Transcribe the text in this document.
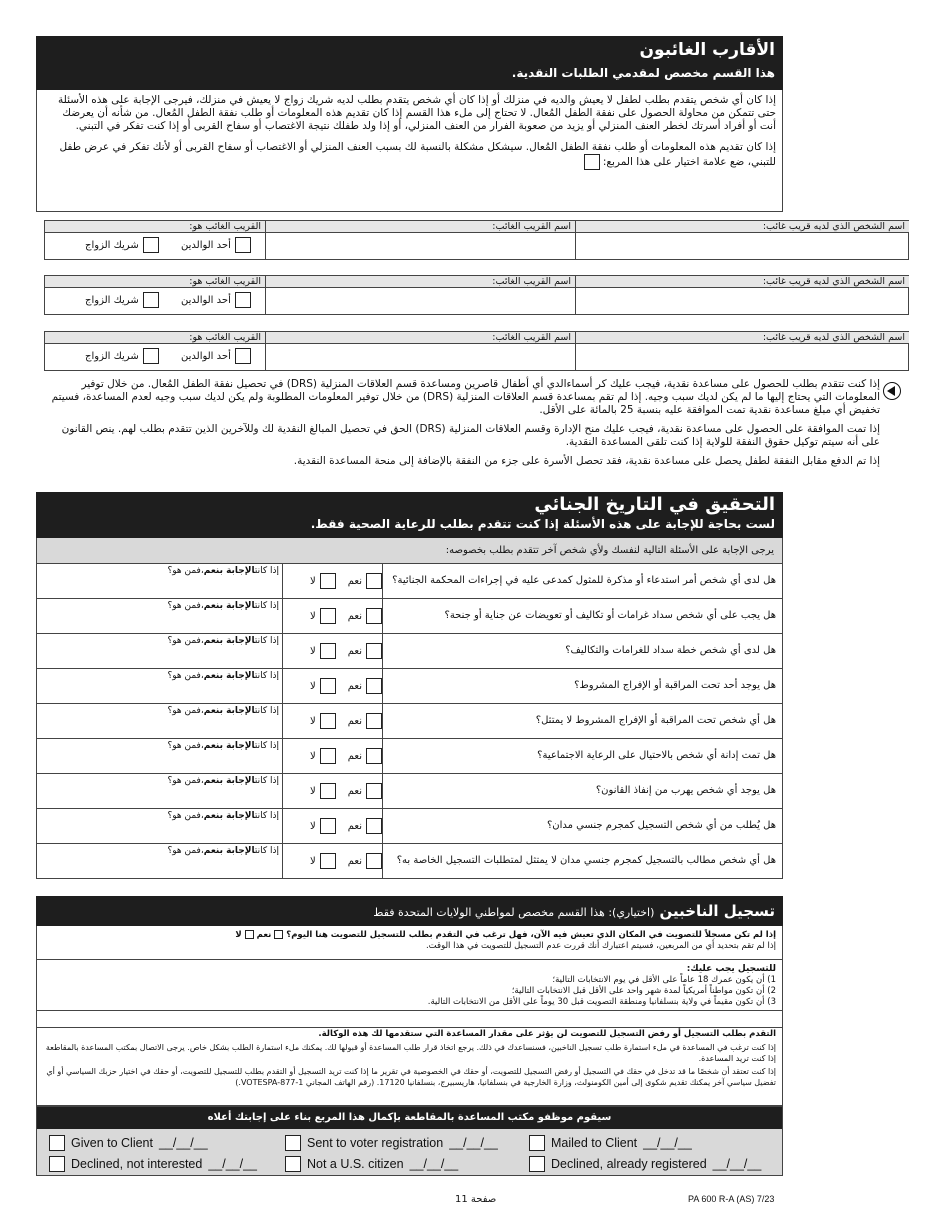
الأقارب الغائبون
هذا القسم مخصص لمقدمي الطلبات النقدية.

إذا كان أي شخص يتقدم بطلب لطفل لا يعيش والديه في منزلك أو إذا كان أي شخص يتقدم بطلب لديه شريك زواج لا يعيش في منزلك، فيرجى الإجابة على هذه الأسئلة حتى تتمكن من محاولة الحصول على نفقة الطفل المُعال. لا تحتاج إلى ملء هذا القسم إذا كان تقديم هذه المعلومات أو طلب نفقة الطفل المُعال. من شأنه أن يعرضك أنت أو أفراد أسرتك لخطر العنف المنزلي أو يزيد من صعوبة الفرار من العنف المنزلي، أو إذا ولد طفلك نتيجة الاغتصاب أو سفاح القربى أو إذا كنت تفكر في التبني.

إذا كان تقديم هذه المعلومات أو طلب نفقة الطفل المُعال. سيشكل مشكلة بالنسبة لك بسبب العنف المنزلي أو الاغتصاب أو سفاح القربى أو لأنك تفكر في عرض طفل للتبني، ضع علامة اختيار على هذا المربع:

اسم الشخص الذي لديه قريب غائب:
اسم القريب الغائب:
القريب الغائب هو:
أحد الوالدين
شريك الزواج
اسم الشخص الذي لديه قريب غائب:
اسم القريب الغائب:
القريب الغائب هو:
أحد الوالدين
شريك الزواج
اسم الشخص الذي لديه قريب غائب:
اسم القريب الغائب:
القريب الغائب هو:
أحد الوالدين
شريك الزواج

إذا كنت تتقدم بطلب للحصول على مساعدة نقدية، فيجب عليك كر أسماءالدي أي أطفال قاصرين ومساعدة قسم العلاقات المنزلية (DRS) في تحصيل نفقة الطفل المُعال. من خلال توفير المعلومات التي يحتاج إليها ما لم يكن لديك سبب وجيه. إذا لم تقم بمساعدة قسم العلاقات المنزلية (DRS) من خلال توفير المعلومات المطلوبة ولم يكن لديك سبب وجيه لعدم المساعدة، فسيتم تخفيض أي مبلغ مساعدة نقدية تمت الموافقة عليه بنسبة 25 بالمائة على الأقل.

إذا تمت الموافقة على الحصول على مساعدة نقدية، فيجب عليك منح الإدارة وقسم العلاقات المنزلية (DRS) الحق في تحصيل المبالغ النقدية لك وللآخرين الذين تتقدم بطلب لهم. ينص القانون على أنه سيتم توكيل حقوق النفقة للولاية إذا كنت تلقى المساعدة النقدية.

إذا تم الدفع مقابل النفقة لطفل يحصل على مساعدة نقدية، فقد تحصل الأسرة على جزء من النفقة بالإضافة إلى منحة المساعدة النقدية.

التحقيق في التاريخ الجنائي
لست بحاجة للإجابة على هذه الأسئلة إذا كنت تتقدم بطلب للرعاية الصحية فقط.
يرجى الإجابة على الأسئلة التالية لنفسك ولأي شخص آخر تتقدم بطلب بخصوصه:
هل لدى أي شخص أمر استدعاء أو مذكرة للمثول كمدعى عليه في إجراءات المحكمة الجنائية؟
نعم
لا
إذا كانتالإجابة بنعم،فمن هو؟
هل يجب على أي شخص سداد غرامات أو تكاليف أو تعويضات عن جناية أو جنحة؟
نعم
لا
إذا كانتالإجابة بنعم،فمن هو؟
هل لدى أي شخص خطة سداد للغرامات والتكاليف؟
نعم
لا
إذا كانتالإجابة بنعم،فمن هو؟
هل يوجد أحد تحت المراقبة أو الإفراج المشروط؟
نعم
لا
إذا كانتالإجابة بنعم،فمن هو؟
هل أي شخص تحت المراقبة أو الإفراج المشروط لا يمتثل؟
نعم
لا
إذا كانتالإجابة بنعم،فمن هو؟
هل تمت إدانة أي شخص بالاحتيال على الرعاية الاجتماعية؟
نعم
لا
إذا كانتالإجابة بنعم،فمن هو؟
هل يوجد أي شخص يهرب من إنفاذ القانون؟
نعم
لا
إذا كانتالإجابة بنعم،فمن هو؟
هل يُطلب من أي شخص التسجيل كمجرم جنسي مدان؟
نعم
لا
إذا كانتالإجابة بنعم،فمن هو؟
هل أي شخص مطالب بالتسجيل كمجرم جنسي مدان لا يمتثل لمتطلبات التسجيل الخاصة به؟
نعم
لا
إذا كانتالإجابة بنعم،فمن هو؟
تسجيل الناخبين (اختياري): هذا القسم مخصص لمواطني الولايات المتحدة فقط
إذا لم تكن مسجلاً للتصويت في المكان الذي تعيش فيه الآن، فهل ترغب في التقدم بطلب للتسجيل للتصويت هنا اليوم؟  نعم  لا
إذا لم تقم بتحديد أي من المربعين، فسيتم اعتبارك أنك قررت عدم التسجيل للتصويت في هذا الوقت.
للتسجيل يجب عليك:
1) أن يكون عمرك 18 عاماً على الأقل في يوم الانتخابات التالية؛
2) أن تكون مواطناً أمريكياً لمدة شهر واحد على الأقل قبل الانتخابات التالية؛
3) أن تكون مقيماً في ولاية بنسلفانيا ومنطقة التصويت قبل 30 يوماً على الأقل من الانتخابات التالية.

التقدم بطلب التسجيل أو رفض التسجيل للتصويت لن يؤثر على مقدار المساعدة التي ستقدمها لك هذه الوكالة.

إذا كنت ترغب في المساعدة في ملء استمارة طلب تسجيل الناخبين، فسنساعدك في ذلك. يرجع اتخاذ قرار طلب المساعدة أو قبولها لك. يمكنك ملء استمارة الطلب بشكل خاص. يرجى الاتصال بمكتب المساعدة بالمقاطعة إذا كنت تريد المساعدة.

إذا كنت تعتقد أن شخصًا ما قد تدخل في حقك في التسجيل أو رفض التسجيل للتصويت، أو حقك في الخصوصية في تقرير ما إذا كنت تريد التسجيل أو التقدم بطلب للتسجيل للتصويت، أو حقك في اختيار حزبك السياسي أو أي تفضيل سياسي آخر يمكنك تقديم شكوى إلى أمين الكومنولث، وزارة الخارجية في بنسلفانيا، هاريسبيرج، بنسلفانيا 17120. (رقم الهاتف المجاني VOTESPA-877-1.)

سيقوم موظفو مكتب المساعدة بالمقاطعة بإكمال هذا المربع بناء على إجابتك أعلاه
Given to Client __/__/__	Sent to voter registration __/__/__	Mailed to Client __/__/__
Declined, not interested __/__/__	Not a U.S. citizen __/__/__	Declined, already registered __/__/__
صفحة 11	PA 600 R-A (AS) 7/23
